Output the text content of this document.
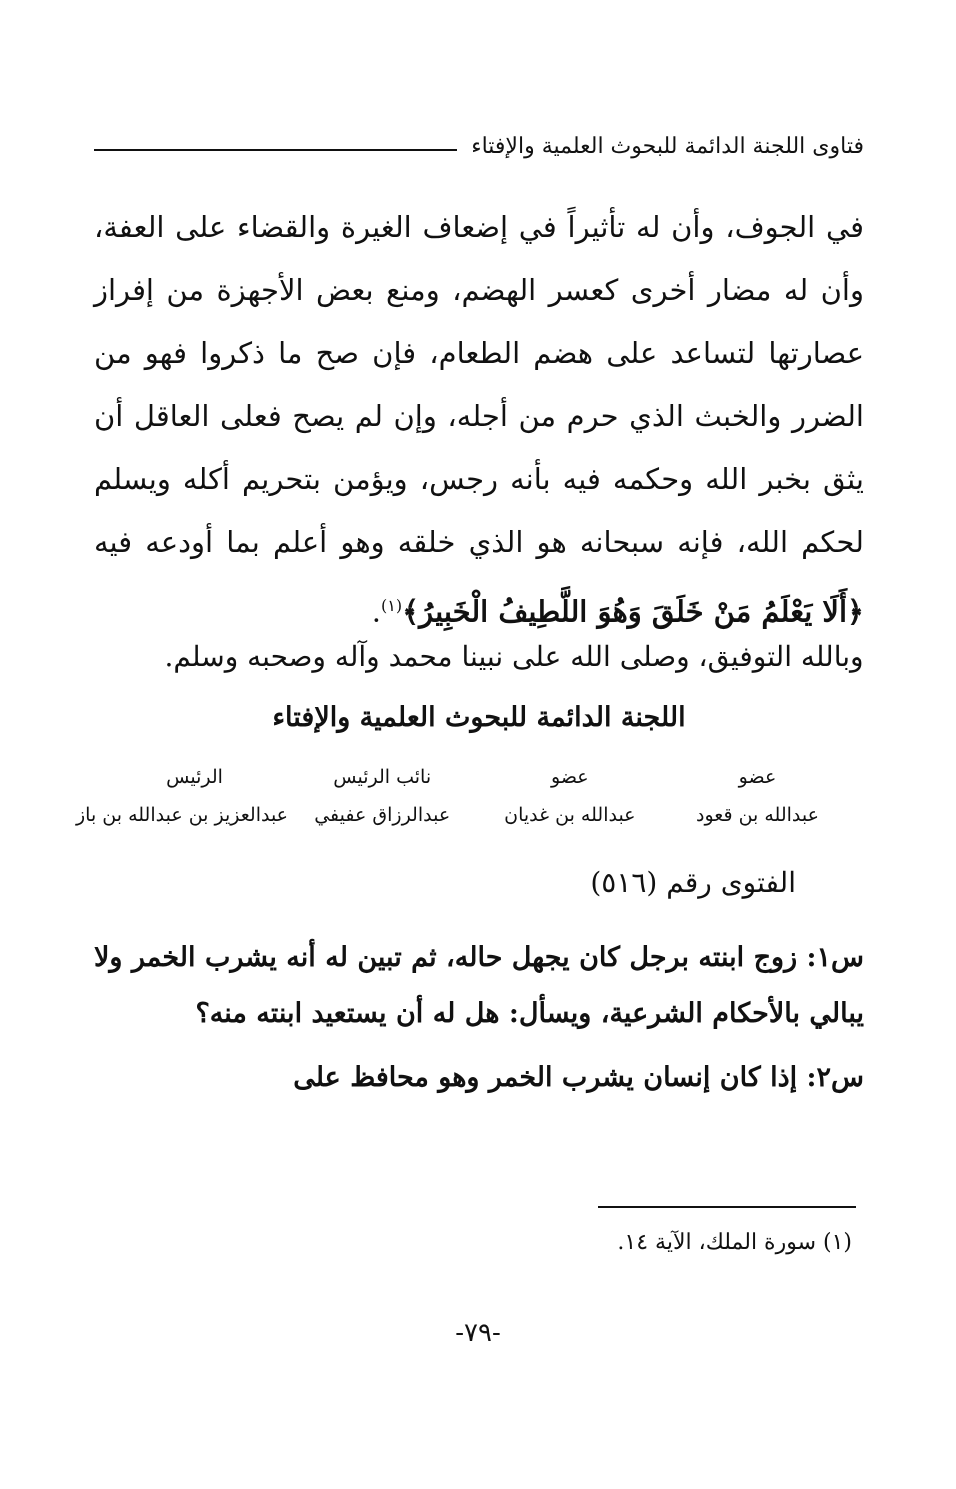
فتاوى اللجنة الدائمة للبحوث العلمية والإفتاء

في الجوف، وأن له تأثيراً في إضعاف الغيرة والقضاء على العفة، وأن له مضار أخرى كعسر الهضم، ومنع بعض الأجهزة من إفراز عصارتها لتساعد على هضم الطعام، فإن صح ما ذكروا فهو من الضرر والخبث الذي حرم من أجله، وإن لم يصح فعلى العاقل أن يثق بخبر الله وحكمه فيه بأنه رجس، ويؤمن بتحريم أكله ويسلم لحكم الله، فإنه سبحانه هو الذي خلقه وهو أعلم بما أودعه فيه ﴿أَلَا يَعْلَمُ مَنْ خَلَقَ وَهُوَ اللَّطِيفُ الْخَبِيرُ﴾$^{(١)}$.

وبالله التوفيق، وصلى الله على نبينا محمد وآله وصحبه وسلم.
اللجنة الدائمة للبحوث العلمية والإفتاء
عضو
عبدالله بن قعود
عضو
عبدالله بن غديان
نائب الرئيس
عبدالرزاق عفيفي
الرئيس
عبدالعزيز بن عبدالله بن باز
الفتوى رقم (٥١٦)

س١: زوج ابنته برجل كان يجهل حاله، ثم تبين له أنه يشرب الخمر ولا يبالي بالأحكام الشرعية، ويسأل: هل له أن يستعيد ابنته منه؟

س٢: إذا كان إنسان يشرب الخمر وهو محافظ على

(١) سورة الملك، الآية ١٤.
-٧٩-
